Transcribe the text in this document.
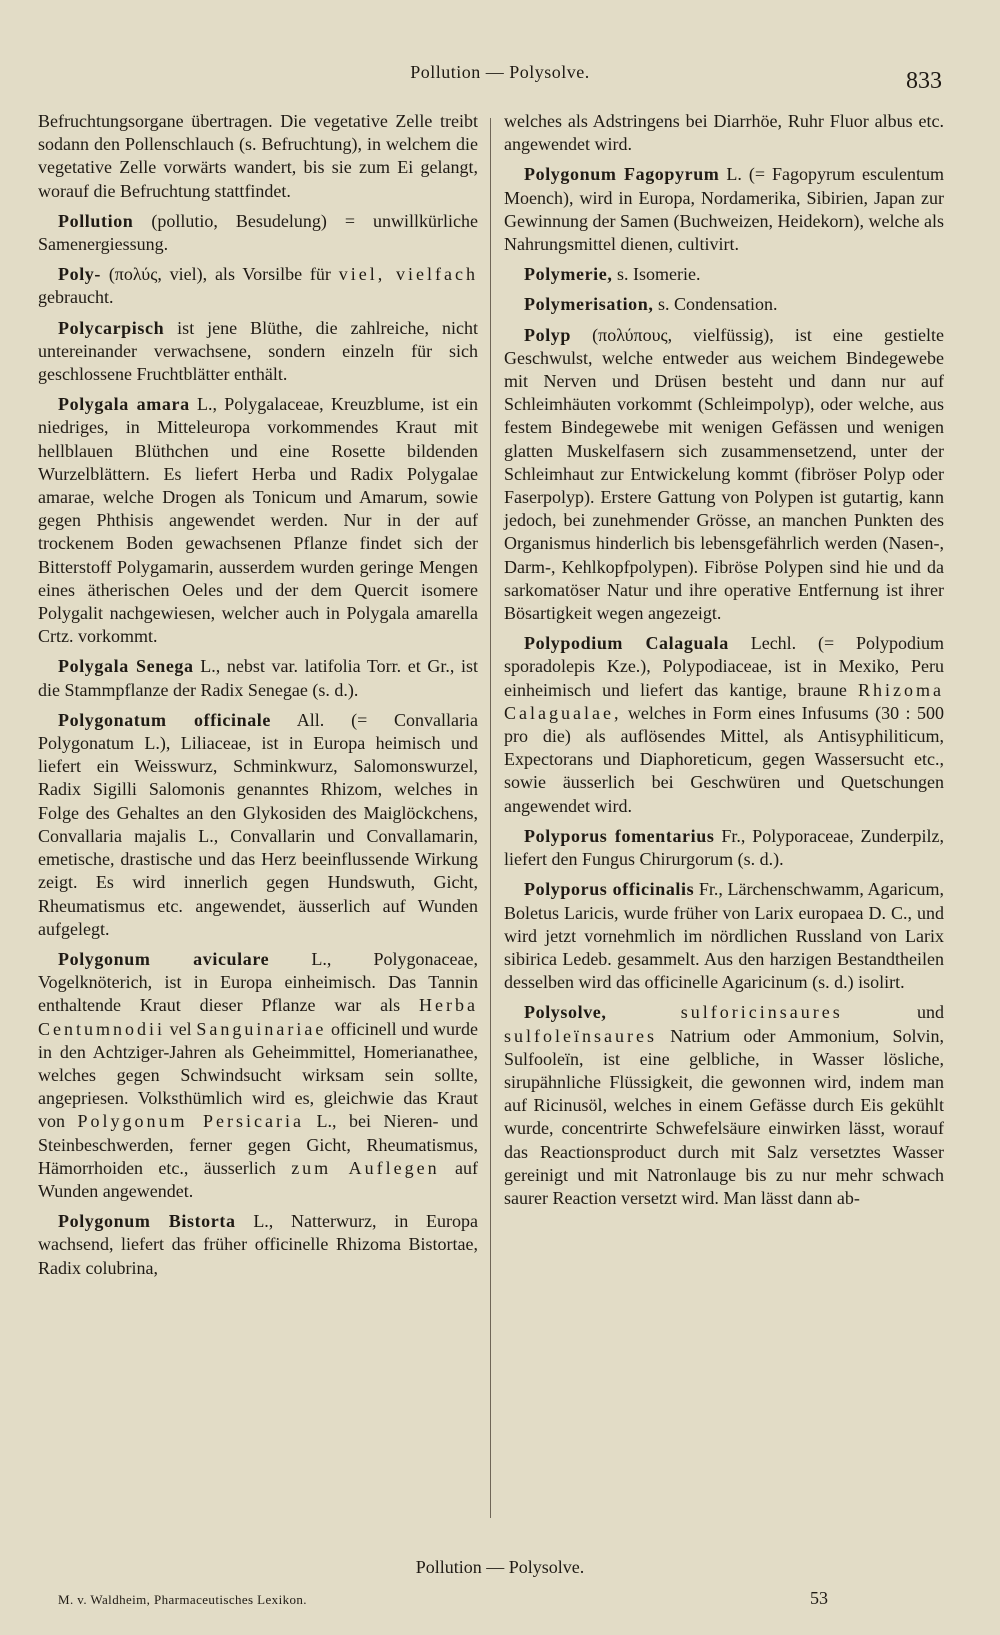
Pollution — Polysolve.	833

Befruchtungsorgane übertragen. Die vegetative Zelle treibt sodann den Pollenschlauch (s. Befruchtung), in welchem die vegetative Zelle vorwärts wandert, bis sie zum Ei gelangt, worauf die Befruchtung stattfindet.

Pollution (pollutio, Besudelung) = unwillkürliche Samenergiessung.

Poly- (πολύς, viel), als Vorsilbe für viel, vielfach gebraucht.

Polycarpisch ist jene Blüthe, die zahlreiche, nicht untereinander verwachsene, sondern einzeln für sich geschlossene Fruchtblätter enthält.

Polygala amara L., Polygalaceae, Kreuzblume, ist ein niedriges, in Mitteleuropa vorkommendes Kraut mit hellblauen Blüthchen und eine Rosette bildenden Wurzelblättern. Es liefert Herba und Radix Polygalae amarae, welche Drogen als Tonicum und Amarum, sowie gegen Phthisis angewendet werden. Nur in der auf trockenem Boden gewachsenen Pflanze findet sich der Bitterstoff Polygamarin, ausserdem wurden geringe Mengen eines ätherischen Oeles und der dem Quercit isomere Polygalit nachgewiesen, welcher auch in Polygala amarella Crtz. vorkommt.

Polygala Senega L., nebst var. latifolia Torr. et Gr., ist die Stammpflanze der Radix Senegae (s. d.).

Polygonatum officinale All. (= Convallaria Polygonatum L.), Liliaceae, ist in Europa heimisch und liefert ein Weisswurz, Schminkwurz, Salomonswurzel, Radix Sigilli Salomonis genanntes Rhizom, welches in Folge des Gehaltes an den Glykosiden des Maiglöckchens, Convallaria majalis L., Convallarin und Convallamarin, emetische, drastische und das Herz beeinflussende Wirkung zeigt. Es wird innerlich gegen Hundswuth, Gicht, Rheumatismus etc. angewendet, äusserlich auf Wunden aufgelegt.

Polygonum aviculare L., Polygonaceae, Vogelknöterich, ist in Europa einheimisch. Das Tannin enthaltende Kraut dieser Pflanze war als Herba Centumnodii vel Sanguinariae officinell und wurde in den Achtziger-Jahren als Geheimmittel, Homerianathee, welches gegen Schwindsucht wirksam sein sollte, angepriesen. Volksthümlich wird es, gleichwie das Kraut von Polygonum Persicaria L., bei Nieren- und Steinbeschwerden, ferner gegen Gicht, Rheumatismus, Hämorrhoiden etc., äusserlich zum Auflegen auf Wunden angewendet.

Polygonum Bistorta L., Natterwurz, in Europa wachsend, liefert das früher officinelle Rhizoma Bistortae, Radix colubrina,

welches als Adstringens bei Diarrhöe, Ruhr Fluor albus etc. angewendet wird.

Polygonum Fagopyrum L. (= Fagopyrum esculentum Moench), wird in Europa, Nordamerika, Sibirien, Japan zur Gewinnung der Samen (Buchweizen, Heidekorn), welche als Nahrungsmittel dienen, cultivirt.

Polymerie, s. Isomerie.

Polymerisation, s. Condensation.

Polyp (πολύπους, vielfüssig), ist eine gestielte Geschwulst, welche entweder aus weichem Bindegewebe mit Nerven und Drüsen besteht und dann nur auf Schleimhäuten vorkommt (Schleimpolyp), oder welche, aus festem Bindegewebe mit wenigen Gefässen und wenigen glatten Muskelfasern sich zusammensetzend, unter der Schleimhaut zur Entwickelung kommt (fibröser Polyp oder Faserpolyp). Erstere Gattung von Polypen ist gutartig, kann jedoch, bei zunehmender Grösse, an manchen Punkten des Organismus hinderlich bis lebensgefährlich werden (Nasen-, Darm-, Kehlkopfpolypen). Fibröse Polypen sind hie und da sarkomatöser Natur und ihre operative Entfernung ist ihrer Bösartigkeit wegen angezeigt.

Polypodium Calaguala Lechl. (= Polypodium sporadolepis Kze.), Polypodiaceae, ist in Mexiko, Peru einheimisch und liefert das kantige, braune Rhizoma Calagualae, welches in Form eines Infusums (30 : 500 pro die) als auflösendes Mittel, als Antisyphiliticum, Expectorans und Diaphoreticum, gegen Wassersucht etc., sowie äusserlich bei Geschwüren und Quetschungen angewendet wird.

Polyporus fomentarius Fr., Polyporaceae, Zunderpilz, liefert den Fungus Chirurgorum (s. d.).

Polyporus officinalis Fr., Lärchenschwamm, Agaricum, Boletus Laricis, wurde früher von Larix europaea D. C., und wird jetzt vornehmlich im nördlichen Russland von Larix sibirica Ledeb. gesammelt. Aus den harzigen Bestandtheilen desselben wird das officinelle Agaricinum (s. d.) isolirt.

Polysolve,	sulforicinsaures und sulfoleïnsaures Natrium oder Ammonium, Solvin, Sulfooleïn, ist eine gelbliche, in Wasser lösliche, sirupähnliche Flüssigkeit, die gewonnen wird, indem man auf Ricinusöl, welches in einem Gefässe durch Eis gekühlt wurde, concentrirte Schwefelsäure einwirken lässt, worauf das Reactionsproduct durch mit Salz versetztes Wasser gereinigt und mit Natronlauge bis zu nur mehr schwach saurer Reaction versetzt wird. Man lässt dann ab-

Pollution — Polysolve.
M. v. Waldheim, Pharmaceutisches Lexikon.	53
